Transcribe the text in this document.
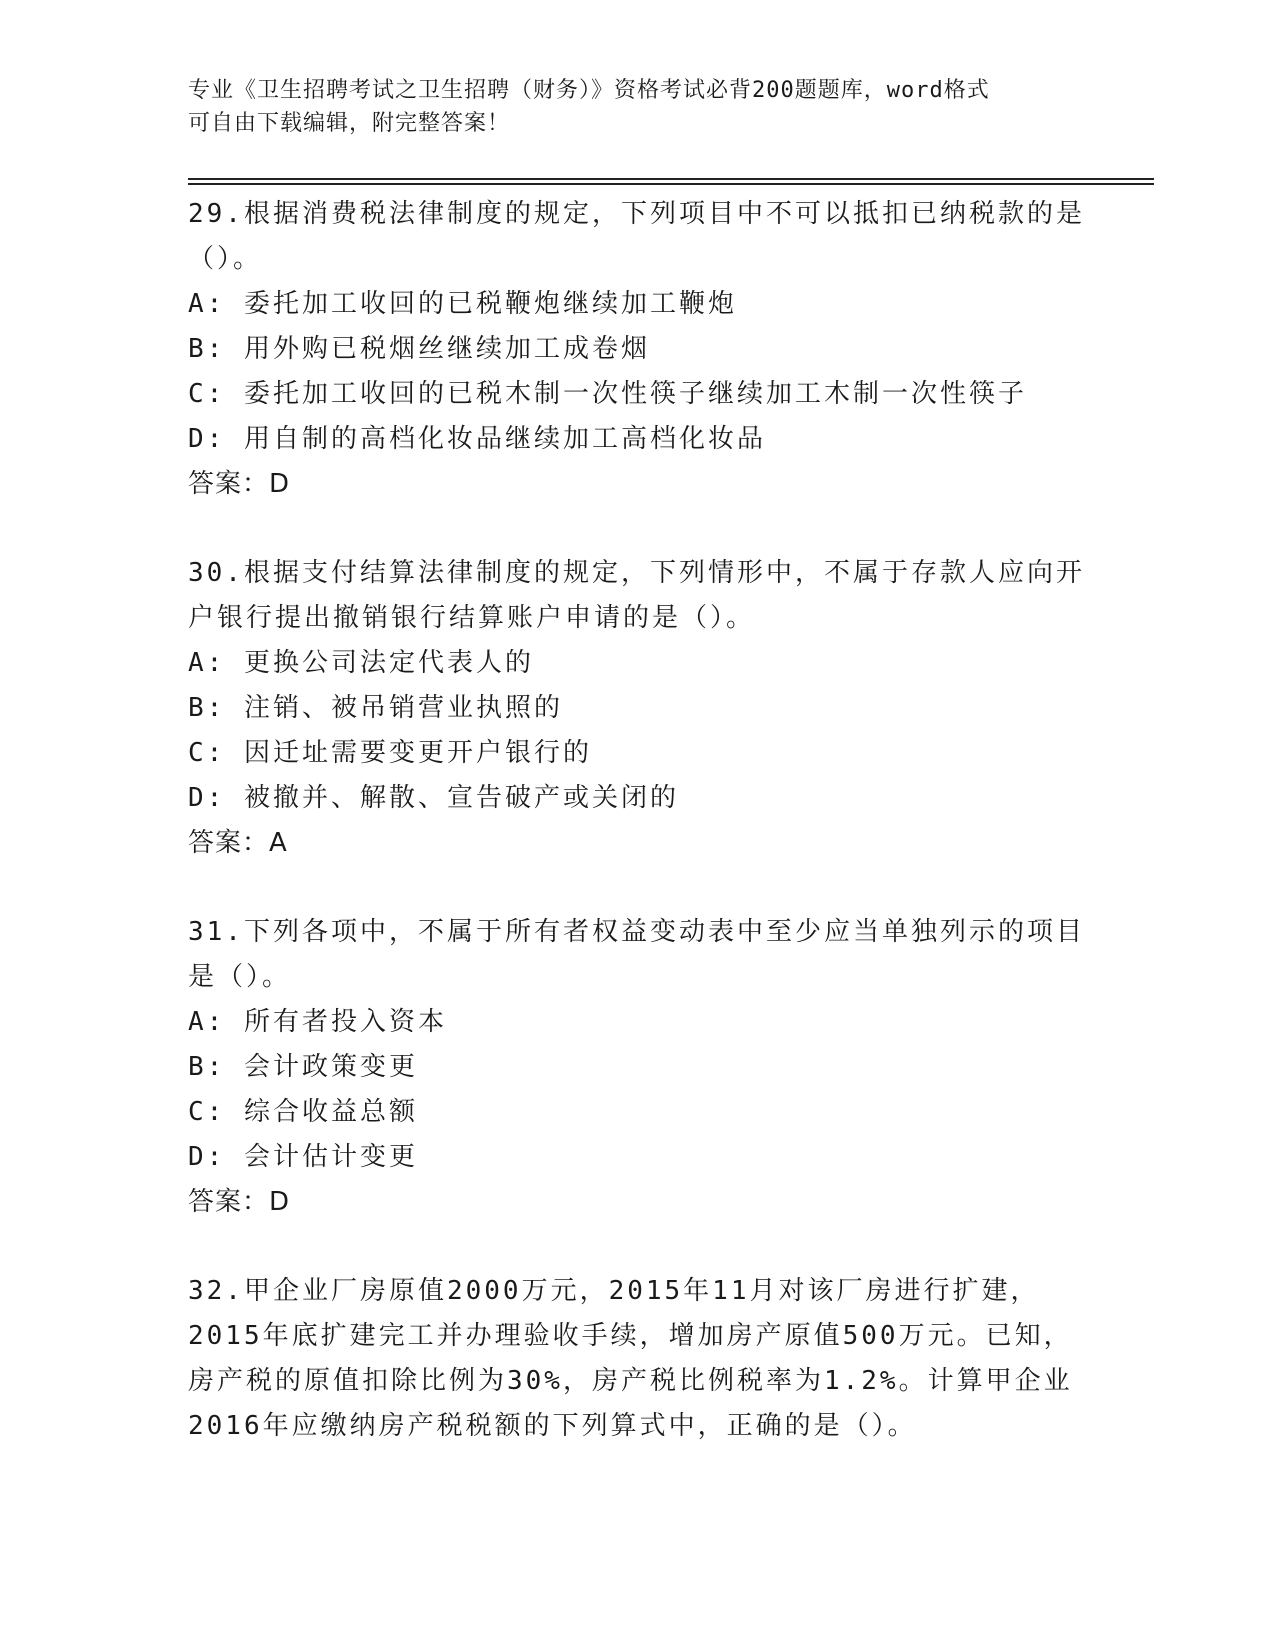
专业《卫生招聘考试之卫生招聘（财务）》资格考试必背200题题库，word格式
可自由下载编辑，附完整答案！

29.根据消费税法律制度的规定，下列项目中不可以抵扣已纳税款的是（）。

A: 委托加工收回的已税鞭炮继续加工鞭炮

B: 用外购已税烟丝继续加工成卷烟

C: 委托加工收回的已税木制一次性筷子继续加工木制一次性筷子

D: 用自制的高档化妆品继续加工高档化妆品

答案：D

30.根据支付结算法律制度的规定，下列情形中，不属于存款人应向开户银行提出撤销银行结算账户申请的是（）。

A: 更换公司法定代表人的

B: 注销、被吊销营业执照的

C: 因迁址需要变更开户银行的

D: 被撤并、解散、宣告破产或关闭的

答案：A

31.下列各项中，不属于所有者权益变动表中至少应当单独列示的项目是（）。

A: 所有者投入资本

B: 会计政策变更

C: 综合收益总额

D: 会计估计变更

答案：D

32.甲企业厂房原值2000万元，2015年11月对该厂房进行扩建，2015年底扩建完工并办理验收手续，增加房产原值500万元。已知，房产税的原值扣除比例为30%，房产税比例税率为1.2%。计算甲企业2016年应缴纳房产税税额的下列算式中，正确的是（）。
